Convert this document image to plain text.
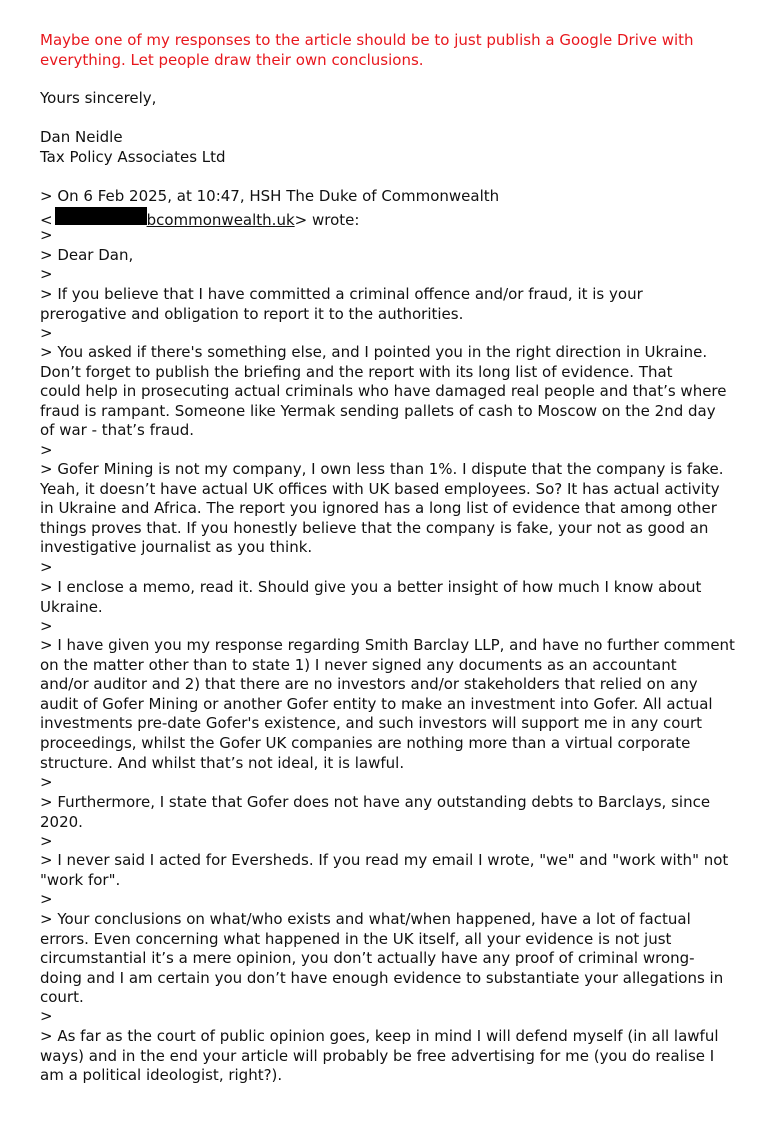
Maybe one of my responses to the article should be to just publish a Google Drive with
everything. Let people draw their own conclusions.
Yours sincerely,
Dan Neidle
Tax Policy Associates Ltd
> On 6 Feb 2025, at 10:47, HSH The Duke of Commonwealth
<	bcommonwealth.uk > wrote:
>
> Dear Dan,
>
> If you believe that I have committed a criminal offence and/or fraud, it is your
prerogative and obligation to report it to the authorities.
>
> You asked if there's something else, and I pointed you in the right direction in Ukraine.
Don’t forget to publish the briefing and the report with its long list of evidence. That
could help in prosecuting actual criminals who have damaged real people and that’s where
fraud is rampant. Someone like Yermak sending pallets of cash to Moscow on the 2nd day
of war - that’s fraud.
>
> Gofer Mining is not my company, I own less than 1%. I dispute that the company is fake.
Yeah, it doesn’t have actual UK offices with UK based employees. So? It has actual activity
in Ukraine and Africa. The report you ignored has a long list of evidence that among other
things proves that. If you honestly believe that the company is fake, your not as good an
investigative journalist as you think.
>
> I enclose a memo, read it. Should give you a better insight of how much I know about
Ukraine.
>
> I have given you my response regarding Smith Barclay LLP, and have no further comment
on the matter other than to state 1) I never signed any documents as an accountant
and/or auditor and 2) that there are no investors and/or stakeholders that relied on any
audit of Gofer Mining or another Gofer entity to make an investment into Gofer. All actual
investments pre-date Gofer's existence, and such investors will support me in any court
proceedings, whilst the Gofer UK companies are nothing more than a virtual corporate
structure. And whilst that’s not ideal, it is lawful.
>
> Furthermore, I state that Gofer does not have any outstanding debts to Barclays, since
2020.
>
> I never said I acted for Eversheds. If you read my email I wrote, "we" and "work with" not
"work for".
>
> Your conclusions on what/who exists and what/when happened, have a lot of factual
errors. Even concerning what happened in the UK itself, all your evidence is not just
circumstantial it’s a mere opinion, you don’t actually have any proof of criminal wrong-
doing and I am certain you don’t have enough evidence to substantiate your allegations in
court.
>
> As far as the court of public opinion goes, keep in mind I will defend myself (in all lawful
ways) and in the end your article will probably be free advertising for me (you do realise I
am a political ideologist, right?).
